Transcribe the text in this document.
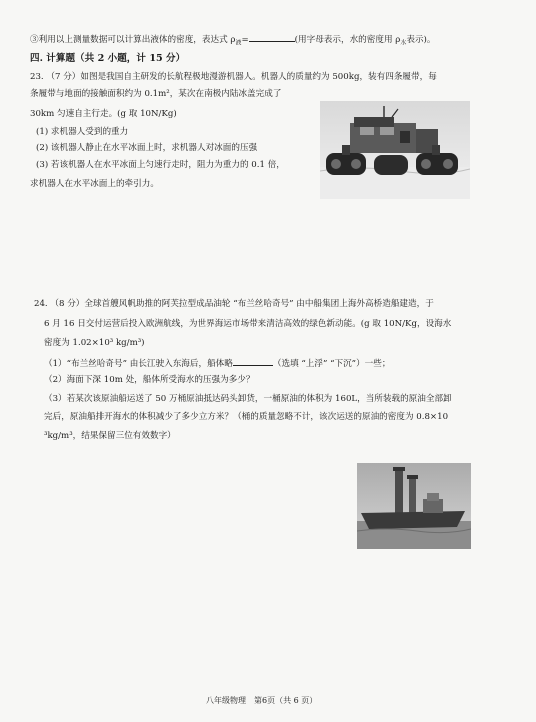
③利用以上测量数据可以计算出液体的密度，表达式 $\rho_液=$	(用字母表示，水的密度用 $\rho_水$表示)。
四. 计算题（共 2 小题，计 15 分）
23. （7 分）如图是我国自主研发的长航程极地漫游机器人。机器人的质量约为 500kg，装有四条履带，每
条履带与地面的接触面积约为 0.1m²，某次在南极内陆冰盖完成了
30km 匀速自主行走。(g 取 10N/Kg)
(1) 求机器人受到的重力
(2) 该机器人静止在水平冰面上时，求机器人对冰面的压强
(3) 若该机器人在水平冰面上匀速行走时，阻力为重力的 0.1 倍，
求机器人在水平冰面上的牵引力。
24. （8 分）全球首艘风帆助推的阿芙拉型成品油轮 “布兰丝哈奇号” 由中船集团上海外高桥造船建造，于
6 月 16 日交付运营后投入欧洲航线，为世界海运市场带来清洁高效的绿色新动能。(g 取 10N/Kg，设海水
密度为 1.02×10³ kg/m³)
（1）“布兰丝哈奇号” 由长江驶入东海后，船体略	（选填 “上浮” “下沉”）一些；
（2）海面下深 10m 处，船体所受海水的压强为多少？
（3）若某次该原油船运送了 50 万桶原油抵达码头卸货，一桶原油的体积为 160L，当所装载的原油全部卸
完后，原油船排开海水的体积减少了多少立方米？（桶的质量忽略不计，该次运送的原油的密度为 0.8×10
³kg/m³，结果保留三位有效数字）
八年级物理　第6页（共 6 页）
